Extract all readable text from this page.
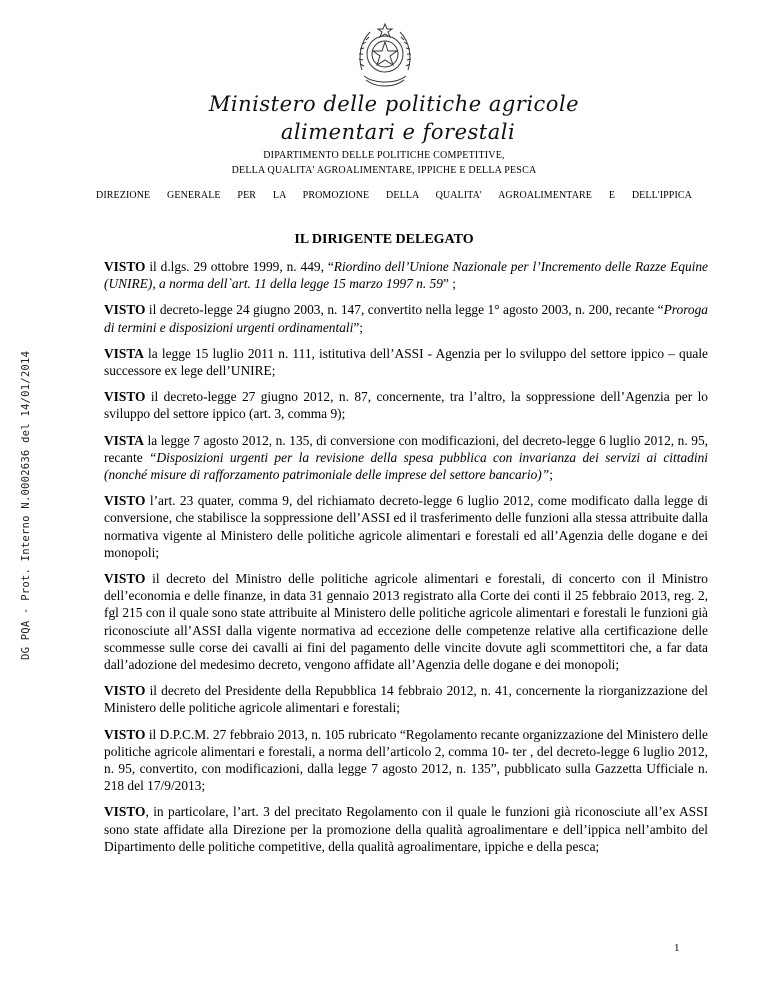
Ministero delle politiche agricole
alimentari e forestali
DIPARTIMENTO DELLE POLITICHE COMPETITIVE,
DELLA QUALITA' AGROALIMENTARE, IPPICHE E DELLA PESCA
DIREZIONE GENERALE PER LA PROMOZIONE DELLA QUALITA' AGROALIMENTARE E DELL'IPPICA
DG PQA - Prot. Interno N.0002636 del 14/01/2014
IL DIRIGENTE DELEGATO

VISTO il d.lgs. 29 ottobre 1999, n. 449, “Riordino dell’Unione Nazionale per l’Incremento delle Razze Equine (UNIRE), a norma dell`art. 11 della legge 15 marzo 1997 n. 59” ;

VISTO il decreto-legge 24 giugno 2003, n. 147, convertito nella legge 1° agosto 2003, n. 200, recante “Proroga di termini e disposizioni urgenti ordinamentali”;

VISTA la legge 15 luglio 2011 n. 111, istitutiva dell’ASSI - Agenzia per lo sviluppo del settore ippico – quale successore ex lege dell’UNIRE;

VISTO il decreto-legge 27 giugno 2012, n. 87, concernente, tra l’altro, la soppressione dell’Agenzia per lo sviluppo del settore ippico (art. 3, comma 9);

VISTA la legge 7 agosto 2012, n. 135, di conversione con modificazioni, del decreto-legge 6 luglio 2012, n. 95, recante “Disposizioni urgenti per la revisione della spesa pubblica con invarianza dei servizi ai cittadini (nonché misure di rafforzamento patrimoniale delle imprese del settore bancario)”;

VISTO l’art. 23 quater, comma 9, del richiamato decreto-legge 6 luglio 2012, come modificato dalla legge di conversione, che stabilisce la soppressione dell’ASSI ed il trasferimento delle funzioni alla stessa attribuite dalla normativa vigente al Ministero delle politiche agricole alimentari e forestali ed all’Agenzia delle dogane e dei monopoli;

VISTO il decreto del Ministro delle politiche agricole alimentari e forestali, di concerto con il Ministro dell’economia e delle finanze, in data 31 gennaio 2013 registrato alla Corte dei conti il 25 febbraio 2013, reg. 2, fgl 215 con il quale sono state attribuite al Ministero delle politiche agricole alimentari e forestali le funzioni già riconosciute all’ASSI dalla vigente normativa ad eccezione delle competenze relative alla certificazione delle scommesse sulle corse dei cavalli ai fini del pagamento delle vincite dovute agli scommettitori che, a far data dall’adozione del medesimo decreto, vengono affidate all’Agenzia delle dogane e dei monopoli;

VISTO il decreto del Presidente della Repubblica 14 febbraio 2012, n. 41, concernente la riorganizzazione del Ministero delle politiche agricole alimentari e forestali;

VISTO il D.P.C.M. 27 febbraio 2013, n. 105 rubricato “Regolamento recante organizzazione del Ministero delle politiche agricole alimentari e forestali, a norma dell’articolo 2, comma 10- ter , del decreto-legge 6 luglio 2012, n. 95, convertito, con modificazioni, dalla legge 7 agosto 2012, n. 135”, pubblicato sulla Gazzetta Ufficiale n. 218 del 17/9/2013;

VISTO, in particolare, l’art. 3 del precitato Regolamento con il quale le funzioni già riconosciute all’ex ASSI sono state affidate alla Direzione per la promozione della qualità agroalimentare e dell’ippica nell’ambito del Dipartimento delle politiche competitive, della qualità agroalimentare, ippiche e della pesca;

1
